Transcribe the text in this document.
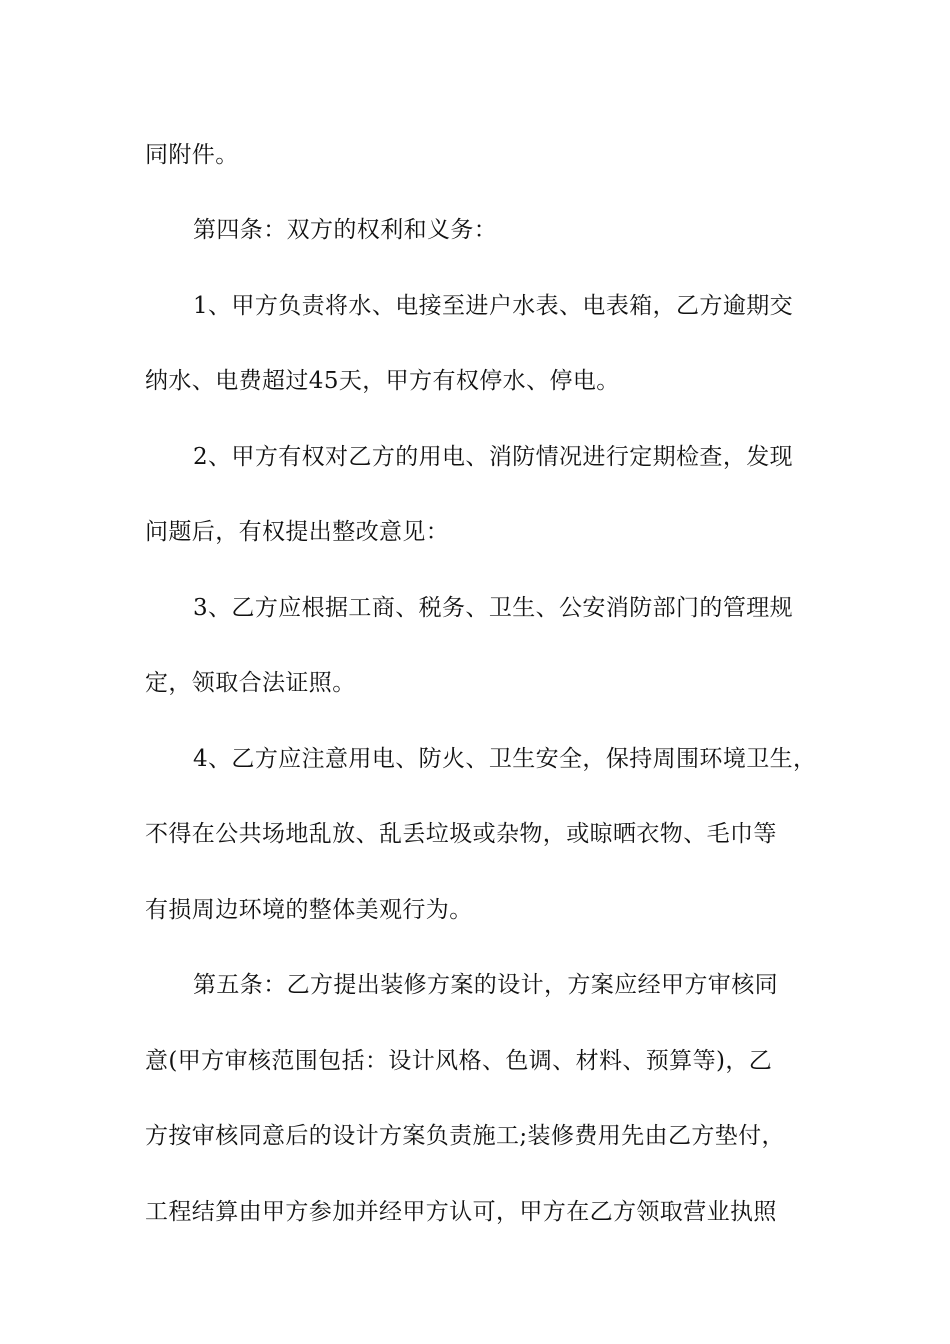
同附件。
第四条：双方的权利和义务：
1、甲方负责将水、电接至进户水表、电表箱，乙方逾期交
纳水、电费超过45天，甲方有权停水、停电。
2、甲方有权对乙方的用电、消防情况进行定期检查，发现
问题后，有权提出整改意见：
3、乙方应根据工商、税务、卫生、公安消防部门的管理规
定，领取合法证照。
4、乙方应注意用电、防火、卫生安全，保持周围环境卫生，
不得在公共场地乱放、乱丢垃圾或杂物，或晾晒衣物、毛巾等
有损周边环境的整体美观行为。
第五条：乙方提出装修方案的设计，方案应经甲方审核同
意(甲方审核范围包括：设计风格、色调、材料、预算等)，乙
方按审核同意后的设计方案负责施工;装修费用先由乙方垫付，
工程结算由甲方参加并经甲方认可，甲方在乙方领取营业执照
